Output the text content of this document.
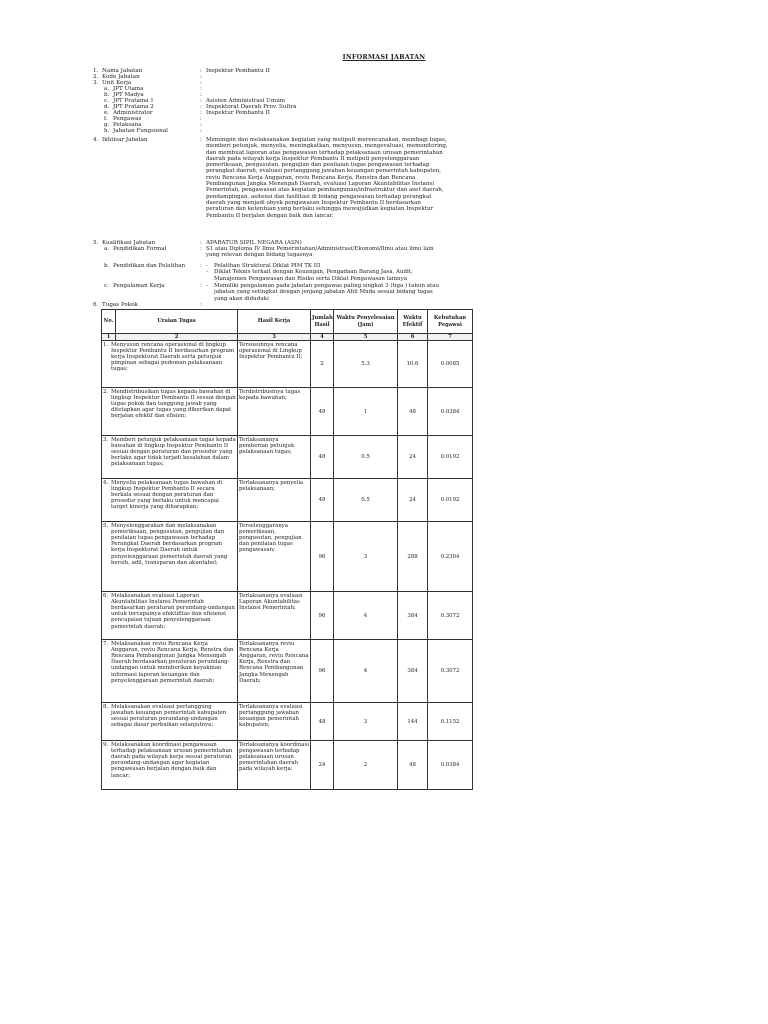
INFORMASI JABATAN
1. Nama Jabatan	: Inspektur Pembantu II
2. Kode Jabatan	:
3. Unit Kerja	:
a. JPT Utama	:
b. JPT Madya	:
c. JPT Pratama 1	: Asisten Administrasi Umum
d. JPT Pratama 2	: Inspektorat Daerah Prov. Sultra
e. Administrator	: Inspektur Pembantu II
f. Pengawas	:
g. Pelaksana	:
h. Jabatan Fungsional	:
4. Ikhtisar Jabatan	: Memimpin dan melaksanakan kegiatan yang meliputi merencanakan, membagi tugas,
memberi petunjuk, menyelia, meningkatkan, menyusun, mengevaluasi, memonitoring,
dan membuat laporan atas pengawasan terhadap pelaksanaan urusan pemerintahan
daerah pada wilayah kerja Inspektur Pembantu II meliputi penyelenggaraan
pemeriksaan, pengusutan, pengujian dan penilaian tugas pengawasan terhadap
perangkat daerah, evaluasi pertanggung jawaban keuangan pemerintah kabupaten,
reviu Rencana Kerja Anggaran, reviu Rencana Kerja, Renstra dan Rencana
Pembangunan Jangka Menengah Daerah, evaluasi Laporan Akuntabilitas Instansi
Pemerintah, pengawasan atas kegiatan pembangunan/infrastruktur dan aset daerah,
pendampingan, asitensi dan fasilitasi di bidang pengawasan terhadap perangkat
daerah yang menjadi obyek pengawasan Inspektur Pembantu II berdasarkan
peraturan dan ketentuan yang berlaku sehingga mewujudkan kegiatan Inspektur
Pembantu II berjalan dengan baik dan lancar.
5. Kualifikasi Jabatan	: APARATUR SIPIL NEGARA (ASN)
a. Pendidikan Formal	: S1 atau Diploma IV Ilmu Pemerintahan/Administrasi/Ekonomi/Ilmu atau ilmu lain
yang relevan dengan bidang tugasnya
b. Pendidikan dan Pelatihan	: -	Pelatihan Struktural Diklat PIM TK III
-	Diklat Teknis terkait dengan Keuangan, Pengadaan Barang Jasa, Audit,
Manajemen Pengawasan dan Risiko serta Diklat Pengawasan lainnya
c. Pengalaman Kerja	: -	Memiliki pengalaman pada jabatan pengawas paling singkat 3 (tiga ) tahun atau
jabatan yang setingkat dengan jenjang jabatan Ahli Muda sesuai bidang tugas
yang akan diduduki
6. Tugas Pokok	:
No.	Uraian Tugas	Hasil Kerja	Jumlah Hasil	Waktu Penyelesaian (Jam)	Waktu Efektif	Kebutuhan Pegawai
1	2	3	4	5	6	7

1. Menyusun rencana operasional di lingkup Inspektur Pembantu II berdasarkan program kerja Inspektorat Daerah serta petunjuk pimpinan sebagai pedoman pelaksanaan tugas;		Tersusunnya rencana operasional di Lingkup Inspektur Pembantu II;	2	5.3	10.6	0.0085

2. Mendistribusikan tugas kepada bawahan di lingkup Inspektur Pembantu II sesuai dengan tugas pokok dan tanggung jawab yang ditetapkan agar tugas yang diberikan dapat berjalan efektif dan efisien;		Terdistribusinya tugas kepada bawahan;	48	1	48	0.0384

3. Memberi petunjuk pelaksanaan tugas kepada bawahan di lingkup Inspektur Pembantu II sesuai dengan peraturan dan prosedur yang berlaku agar tidak terjadi kesalahan dalam pelaksanaan tugas;		Terlaksananya pemberian petunjuk pelaksanaan tugas;	48	0.5	24	0.0192

4. Menyelia pelaksanaan tugas bawahan di lingkup Inspektur Pembantu II secara berkala sesuai dengan peraturan dan prosedur yang berlaku untuk mencapai target kinerja yang diharapkan;		Terlaksananya penyelia pelaksanaan;	48	0.5	24	0.0192

5. Menyelenggarakan dan melaksanakan pemeriksaan, pengusutan, pengujian dan penilaian tugas pengawasan terhadap Perangkat Daerah berdasarkan program kerja Inspektorat Daerah untuk penyelenggaraan pemerintah daerah yang bersih, adil, transparan dan akuntabel;		Terselenggaranya pemeriksaan, pengusutan, pengujian dan penilaian tugas pengawasan;	96	3	288	0.2304

6. Melaksanakan evaluasi Laporan Akuntabilitas Instansi Pemerintah berdasarkan peraturan perundang-undangan untuk tercapainya efektifitas dan efisiensi pencapaian tujuan penyelenggaraan pemerintah daerah;		Terlaksananya evaluasi Laporan Akuntabilitas Instansi Pemerintah;	96	4	384	0.3072

7. Melaksanakan reviu Rencana Kerja Anggaran, reviu Rencana Kerja, Renstra dan Rencana Pembangunan Jangka Menengah Daerah berdasarkan peraturan perundang-undangan untuk memberikan keyakinan informasi laporan keuangan dan penyelenggaraan pemerintah daerah;		Terlaksananya reviu Rencana Kerja Anggaran, reviu Rencana Kerja, Renstra dan Rencana Pembangunan Jangka Menengah Daerah;	96	4	384	0.3072

8. Melaksanakan evaluasi pertanggung jawaban keuangan pemerintah kabupaten sesuai peraturan perundang-undangan sebagai dasar perbaikan selanjutnya;		Terlaksananya evaluasi pertanggung jawaban keuangan pemerintah kabupaten;	48	3	144	0.1152

9. Melaksanakan koordinasi pengawasan terhadap pelaksanaan urusan pemerintahan daerah pada wilayah kerja sesuai peraturan perundang-undangan agar kegiatan pengawasan berjalan dengan baik dan lancar;		Terlaksananya koordinasi pengawasan terhadap pelaksanaan urusan pemerintahan daerah pada wilayah kerja;	24	2	48	0.0384
